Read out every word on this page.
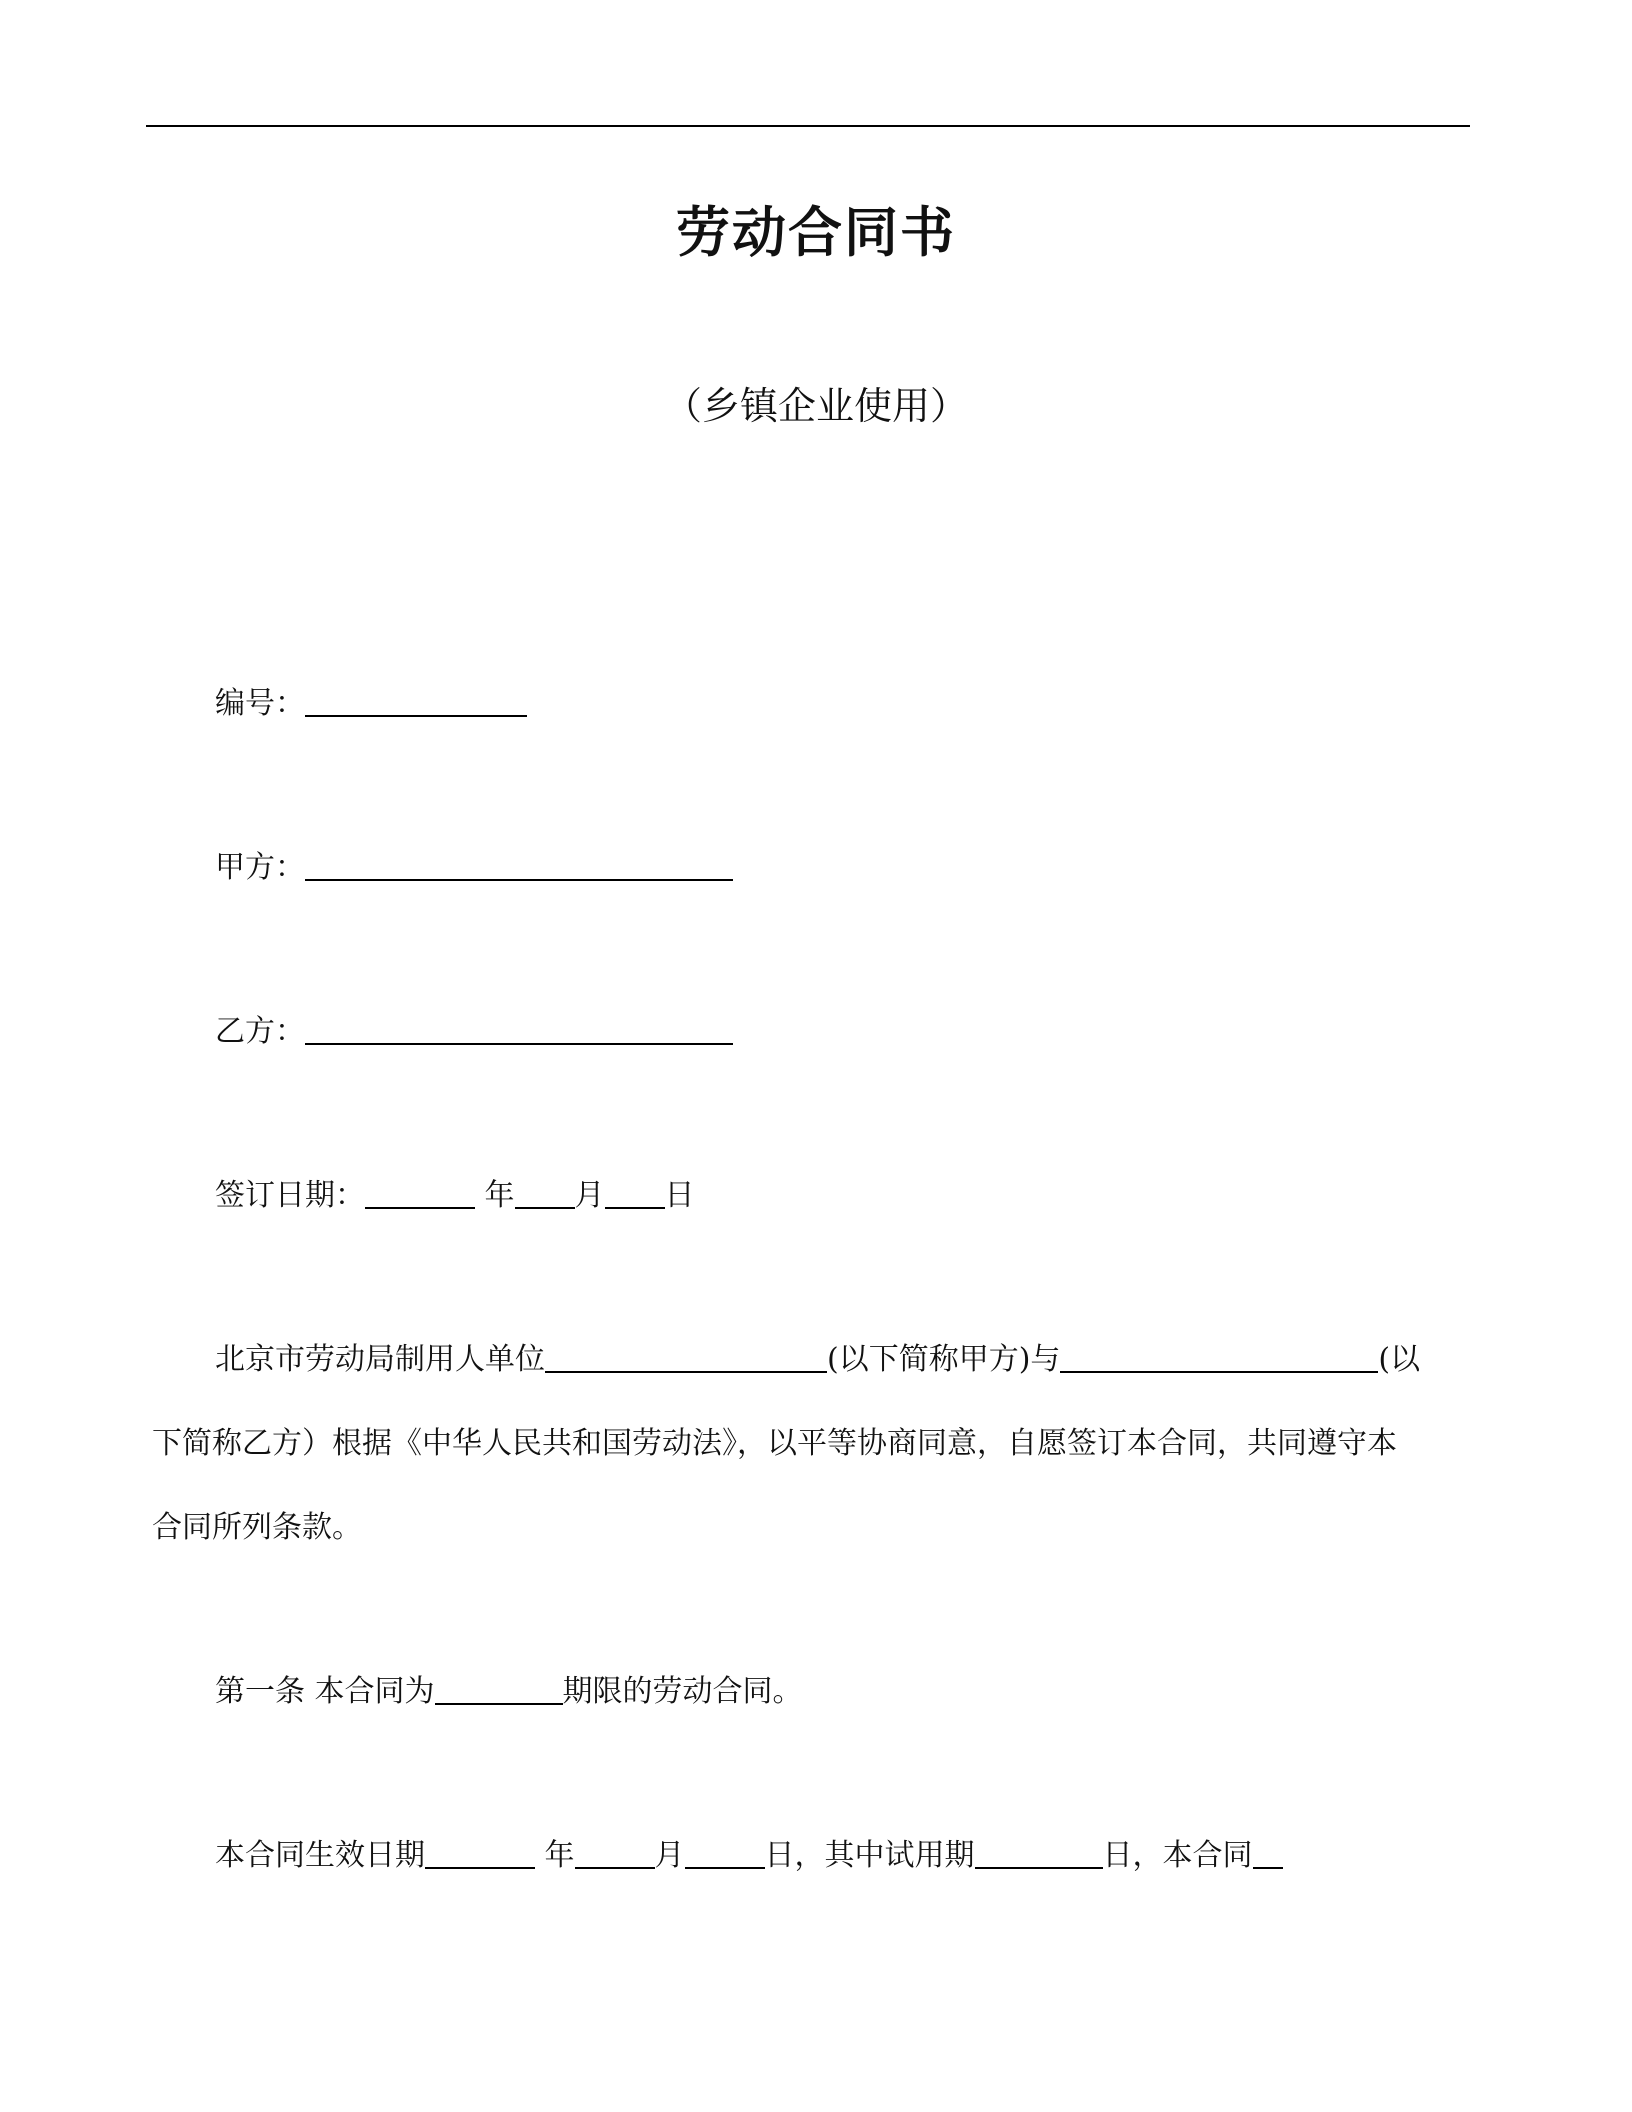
劳动合同书
（乡镇企业使用）
编号：
甲方：
乙方：
签订日期：	年 月 日
北京市劳动局制用人单位	(以下简称甲方)与	(以
下简称乙方）根据《中华人民共和国劳动法》，以平等协商同意，自愿签订本合同，共同遵守本
合同所列条款。
第一条 本合同为	期限的劳动合同。
本合同生效日期	年	月	日，其中试用期	日，本合同
